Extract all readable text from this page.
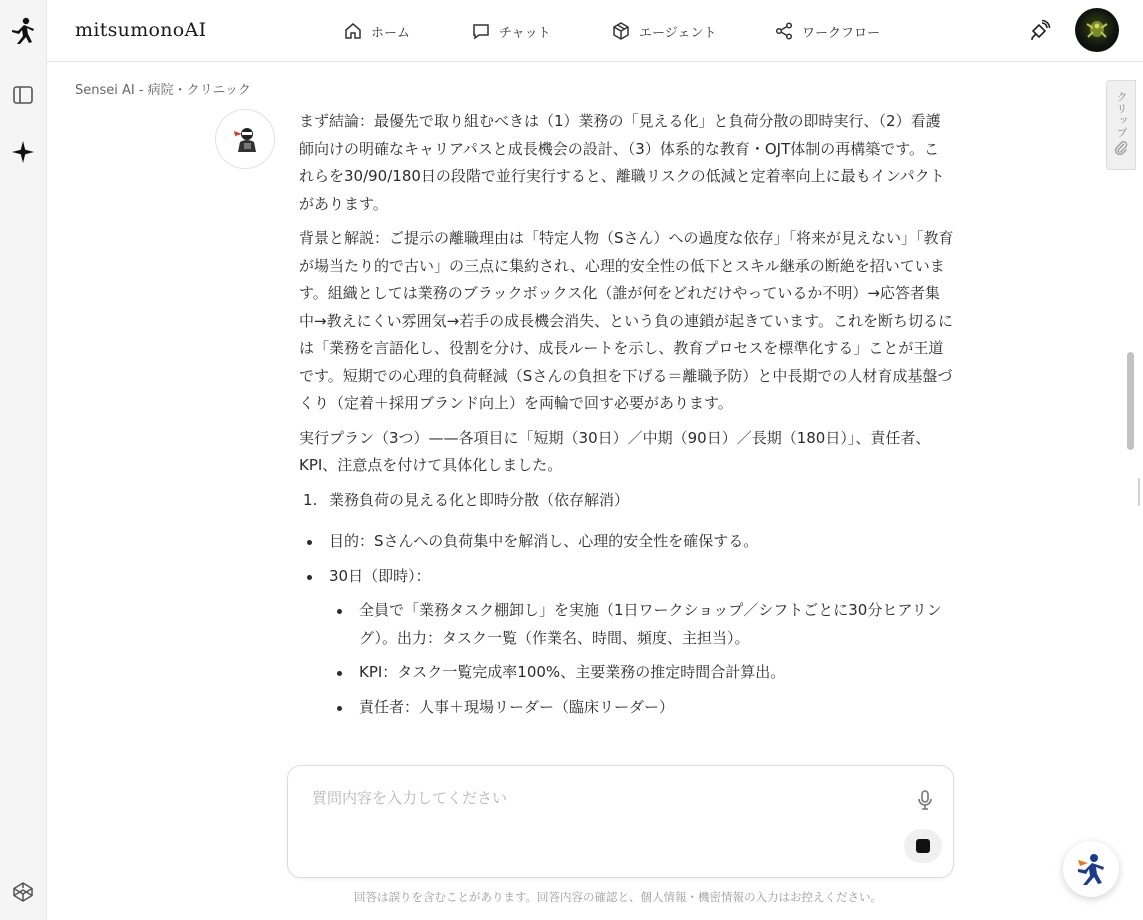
mitsumonoAI	ホーム	チャット	エージェント	ワークフロー
Sensei AI - 病院・クリニック

まず結論：最優先で取り組むべきは（1）業務の「見える化」と負荷分散の即時実行、（2）看護師向けの明確なキャリアパスと成長機会の設計、（3）体系的な教育・OJT体制の再構築です。これらを30/90/180日の段階で並行実行すると、離職リスクの低減と定着率向上に最もインパクトがあります。

背景と解説：ご提示の離職理由は「特定人物（Sさん）への過度な依存」「将来が見えない」「教育が場当たり的で古い」の三点に集約され、心理的安全性の低下とスキル継承の断絶を招いています。組織としては業務のブラックボックス化（誰が何をどれだけやっているか不明）→応答者集中→教えにくい雰囲気→若手の成長機会消失、という負の連鎖が起きています。これを断ち切るには「業務を言語化し、役割を分け、成長ルートを示し、教育プロセスを標準化する」ことが王道です。短期での心理的負荷軽減（Sさんの負担を下げる＝離職予防）と中長期での人材育成基盤づくり（定着＋採用ブランド向上）を両輪で回す必要があります。

実行プラン（3つ）——各項目に「短期（30日）／中期（90日）／長期（180日）」、責任者、KPI、注意点を付けて具体化しました。

1. 業務負荷の見える化と即時分散（依存解消）
目的：Sさんへの負荷集中を解消し、心理的安全性を確保する。
30日（即時）：
全員で「業務タスク棚卸し」を実施（1日ワークショップ／シフトごとに30分ヒアリング）。出力：タスク一覧（作業名、時間、頻度、主担当）。
KPI：タスク一覧完成率100%、主要業務の推定時間合計算出。
責任者：人事＋現場リーダー（臨床リーダー）
クリップ
質問内容を入力してください
回答は誤りを含むことがあります。回答内容の確認と、個人情報・機密情報の入力はお控えください。
